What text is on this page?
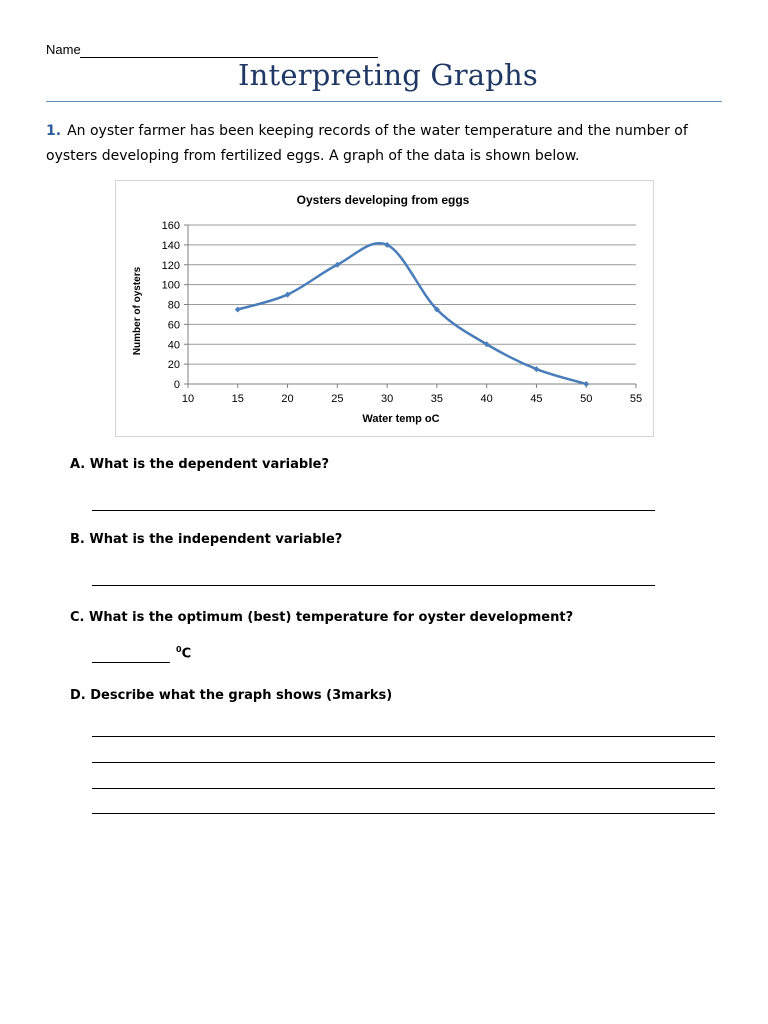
Name
Interpreting Graphs
1. An oyster farmer has been keeping records of the water temperature and the number of oysters developing from fertilized eggs. A graph of the data is shown below.
Oysters developing from eggs
0
20
40
60
80
100
120
140
160
10	15	20	25	30	35	40	45	50	55
Number of oysters
Water temp oC
A. What is the dependent variable?
B. What is the independent variable?
C. What is the optimum (best) temperature for oyster development?
$^0$C
D. Describe what the graph shows (3marks)
